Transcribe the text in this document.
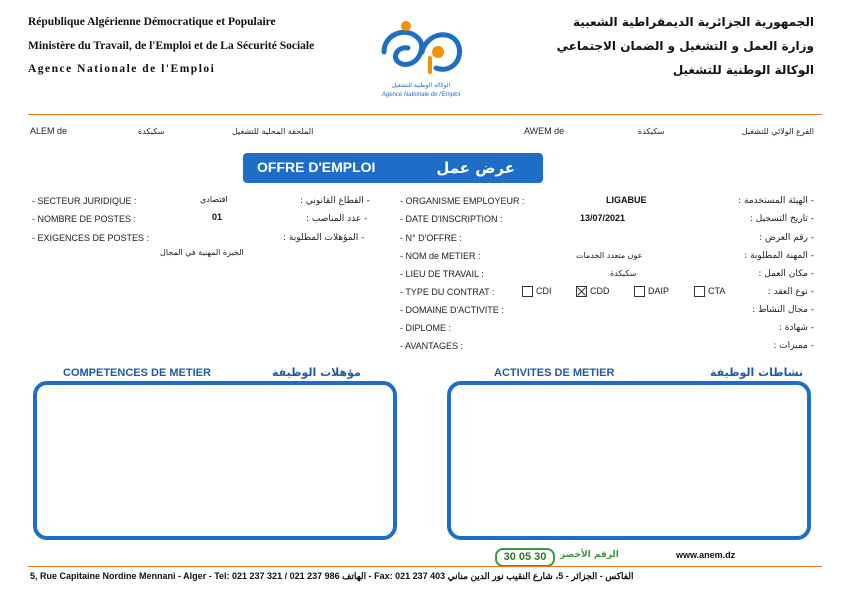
République Algérienne Démocratique et Populaire
Ministère du Travail, de l'Emploi et de La Sécurité Sociale
Agence Nationale de l'Emploi
الجمهورية الجزائرية الديمقراطية الشعبية
وزارة العمل و التشغيل و الضمان الاجتماعي
الوكالة الوطنية للتشغيل
الوكالة الوطنية للتشغيل
Agence Nationale de l'Emploi
ALEM de	سكيكدة	الملحقة المحلية للتشغيل	AWEM de	سكيكدة	الفرع الولائي للتشغيل
OFFRE D'EMPLOI	عرض عمل
- SECTEUR JURIDIQUE :	اقتصادي	- القطاع القانوني :
- NOMBRE DE POSTES :	01	- عدد المناصب :
- EXIGENCES DE POSTES :	- المؤهلات المطلوبة :
الخبرة المهنية في المجال
- ORGANISME EMPLOYEUR :	LIGABUE	- الهيئة المستخدمة :
- DATE D'INSCRIPTION :	13/07/2021	- تاريخ التسجيل :
- N° D'OFFRE :	- رقم العرض :
- NOM de METIER :	عون متعدد الخدمات	- المهنة المطلوبة :
- LIEU DE TRAVAIL :	سكيكدة	- مكان العمل :
- TYPE DU CONTRAT :	CDI	CDD	DAIP	CTA	- نوع العقد :
- DOMAINE D'ACTIVITE :	- مجال النشاط :
- DIPLOME :	- شهادة :
- AVANTAGES :	- مميزات :
COMPETENCES DE METIER	مؤهلات الوظيفة	ACTIVITES DE METIER	نشاطات الوظيفة
30 05 30	الرقم الأخضر	www.anem.dz
5, Rue Capitaine Nordine Mennani - Alger - Tel: 021 237 321 / 021 237 986 الهاتف - Fax: 021 237 403 الفاكس - الجزائر - 5، شارع النقيب نور الدين مناني
